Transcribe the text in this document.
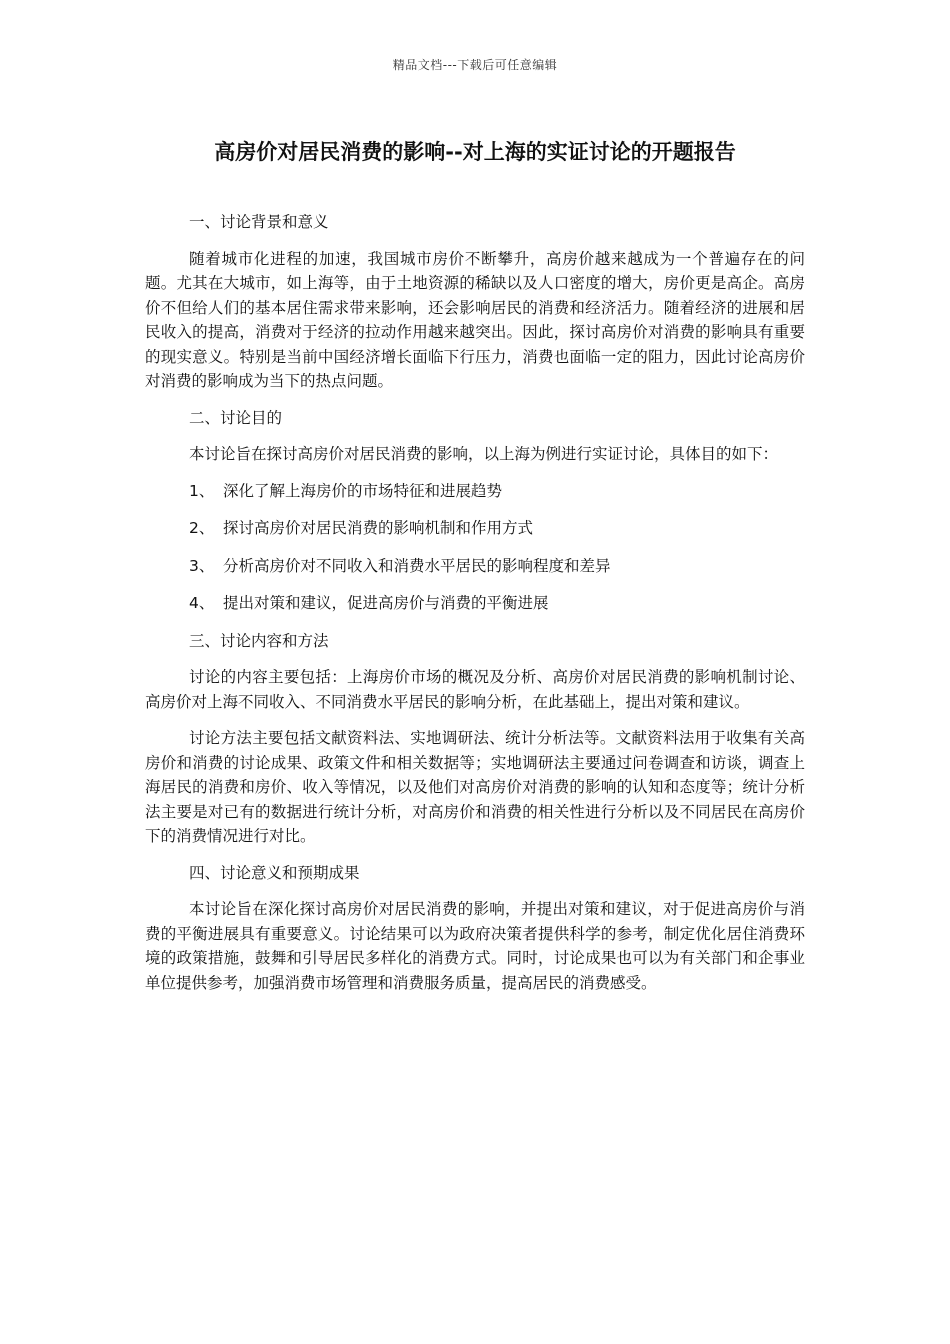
精品文档---下载后可任意编辑
高房价对居民消费的影响--对上海的实证讨论的开题报告

一、讨论背景和意义

随着城市化进程的加速，我国城市房价不断攀升，高房价越来越成为一个普遍存在的问题。尤其在大城市，如上海等，由于土地资源的稀缺以及人口密度的增大，房价更是高企。高房价不但给人们的基本居住需求带来影响，还会影响居民的消费和经济活力。随着经济的进展和居民收入的提高，消费对于经济的拉动作用越来越突出。因此，探讨高房价对消费的影响具有重要的现实意义。特别是当前中国经济增长面临下行压力，消费也面临一定的阻力，因此讨论高房价对消费的影响成为当下的热点问题。

二、讨论目的

本讨论旨在探讨高房价对居民消费的影响，以上海为例进行实证讨论，具体目的如下：

1、 深化了解上海房价的市场特征和进展趋势

2、 探讨高房价对居民消费的影响机制和作用方式

3、 分析高房价对不同收入和消费水平居民的影响程度和差异

4、 提出对策和建议，促进高房价与消费的平衡进展

三、讨论内容和方法

讨论的内容主要包括：上海房价市场的概况及分析、高房价对居民消费的影响机制讨论、高房价对上海不同收入、不同消费水平居民的影响分析，在此基础上，提出对策和建议。

讨论方法主要包括文献资料法、实地调研法、统计分析法等。文献资料法用于收集有关高房价和消费的讨论成果、政策文件和相关数据等；实地调研法主要通过问卷调查和访谈，调查上海居民的消费和房价、收入等情况，以及他们对高房价对消费的影响的认知和态度等；统计分析法主要是对已有的数据进行统计分析，对高房价和消费的相关性进行分析以及不同居民在高房价下的消费情况进行对比。

四、讨论意义和预期成果

本讨论旨在深化探讨高房价对居民消费的影响，并提出对策和建议，对于促进高房价与消费的平衡进展具有重要意义。讨论结果可以为政府决策者提供科学的参考，制定优化居住消费环境的政策措施，鼓舞和引导居民多样化的消费方式。同时，讨论成果也可以为有关部门和企事业单位提供参考，加强消费市场管理和消费服务质量，提高居民的消费感受。
